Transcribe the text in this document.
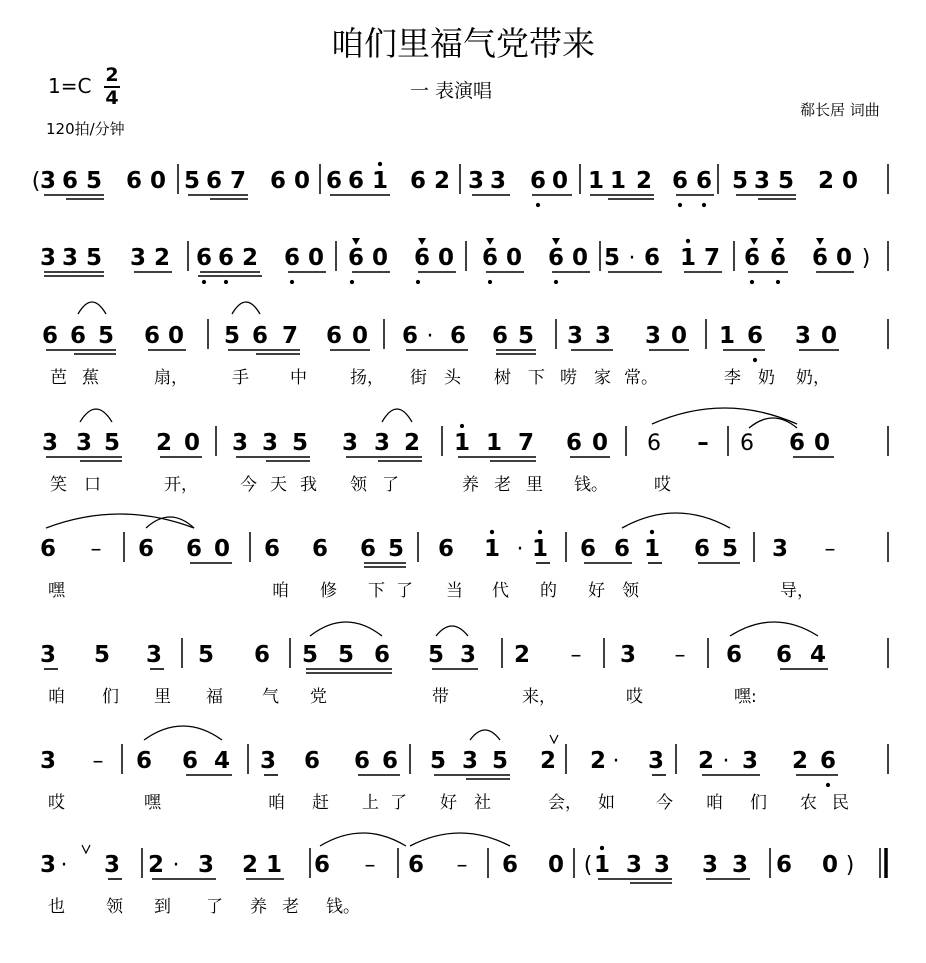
咱们里福气党带来
1=C 2
4
120拍/分钟
一 表演唱
郗长居 词曲
( 3 6 5 6 0 5 6 7 6 0 6 6 1 6 2 3 3 6 0 1 1 2 6 6 5 3 5 2 0
3 3 5 3 2 6 6 2 6 0 6 0 6 0 6 0 6 0 5 · 6 1 7 6 6 6 0 )
6 6 5 6 0 5 6 7 6 0 6 · 6 6 5 3 3 3 0 1 6 3 0
芭 蕉	扇，	手 中	扬， 街 头 树 下 唠 家 常。	李 奶 奶，
3 3 5 2 0 3 3 5 3 3 2 1 1 7 6 0 6 – 6 6 0
笑 口	开， 今 天 我 领 了	养 老 里 钱。	哎
6 – 6 6 0 6 6 6 5 6 1 · 1 6 6 1 6 5 3 –
嘿	咱 修 下 了 当 代 的 好 领	导，
3 5 3 5 6 5 5 6 5 3 2 – 3 – 6 6 4
咱 们 里 福 气 党	带	来，	哎	嘿:
3 – 6 6 4 3 6 6 6 5 3 5 2 2 · 3 2 · 3 2 6
哎	嘿	咱 赶 上 了 好 社	会， 如 今 咱 们 农 民
3 · 3 2 · 3 2 1 6 – 6 – 6 0 ( 1 3 3 3 3 6 0 )
也 领 到 了 养 老 钱。
